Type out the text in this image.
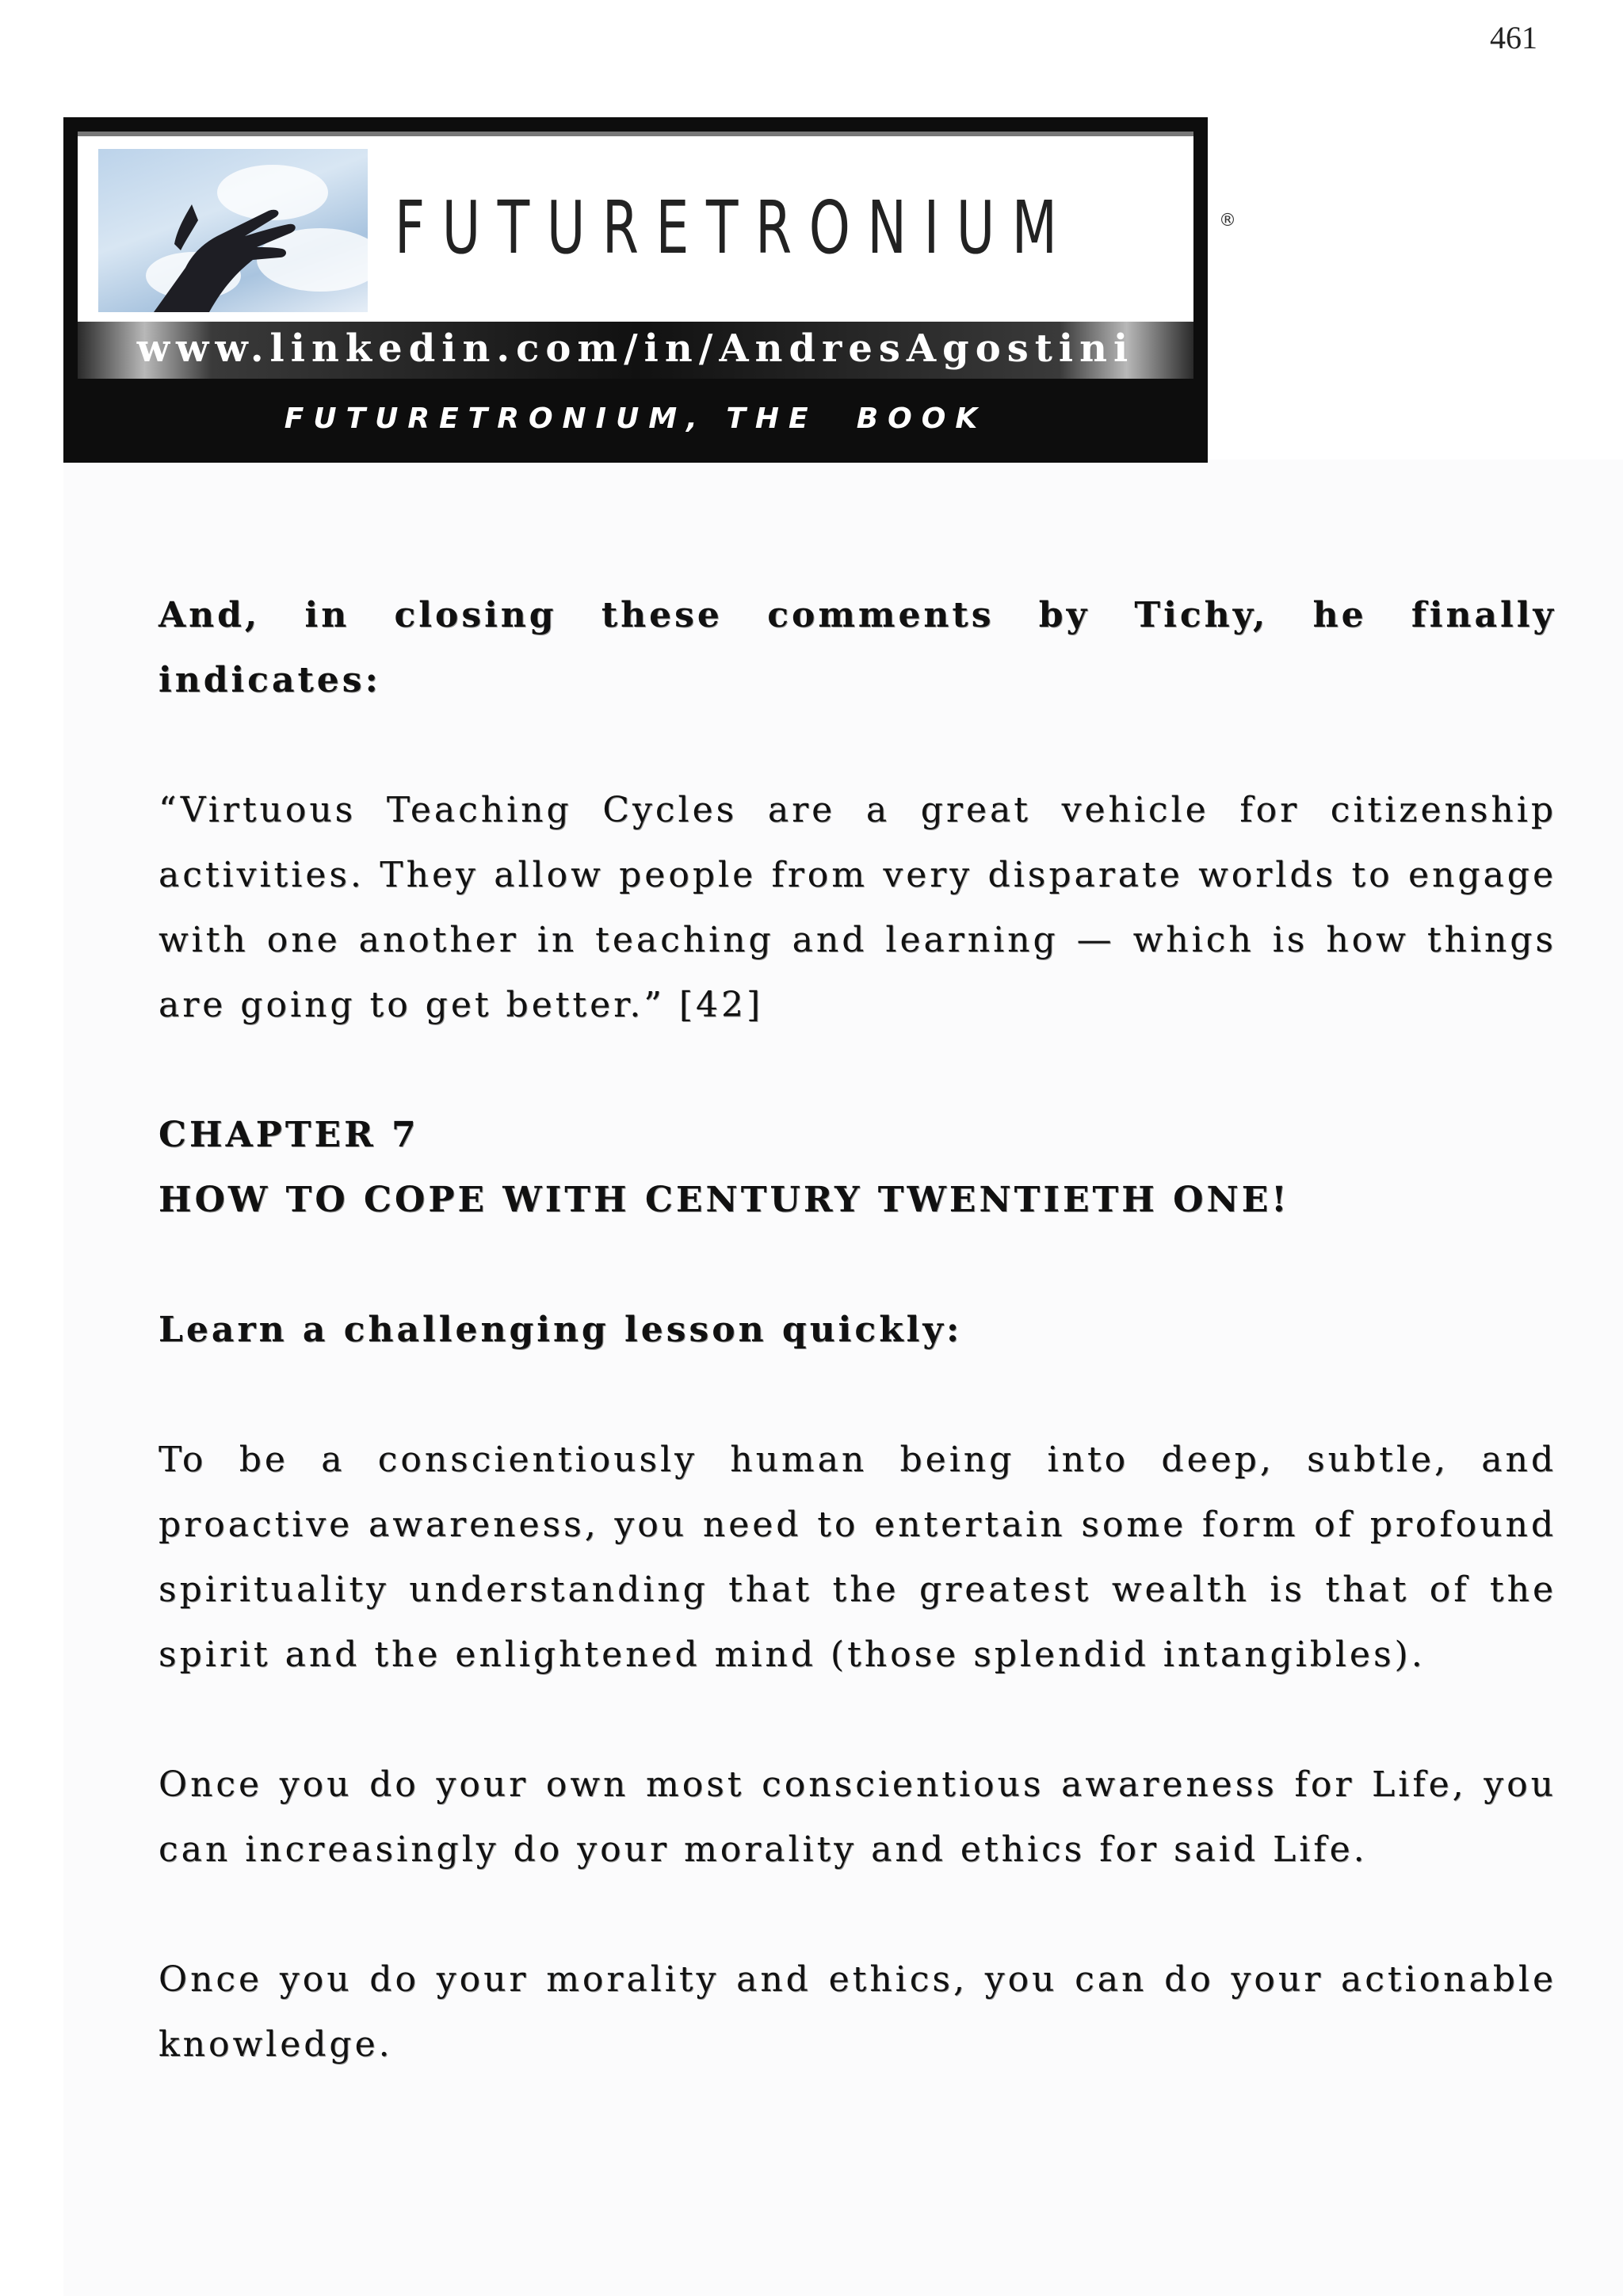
461
FUTURETRONIUM	®
www.linkedin.com/in/AndresAgostini
FUTURETRONIUM, THE  BOOK

And, in closing these comments by Tichy, he finally indicates:

“Virtuous Teaching Cycles are a great vehicle for citizenship activities. They allow people from very disparate worlds to engage with one another in teaching and learning — which is how things are going to get better.” [42]

CHAPTER 7

HOW TO COPE WITH CENTURY TWENTIETH ONE!

Learn a challenging lesson quickly:

To be a conscientiously human being into deep, subtle, and proactive awareness, you need to entertain some form of profound spirituality understanding that the greatest wealth is that of the spirit and the enlightened mind (those splendid intangibles).

Once you do your own most conscientious awareness for Life, you can increasingly do your morality and ethics for said Life.

Once you do your morality and ethics, you can do your actionable knowledge.
